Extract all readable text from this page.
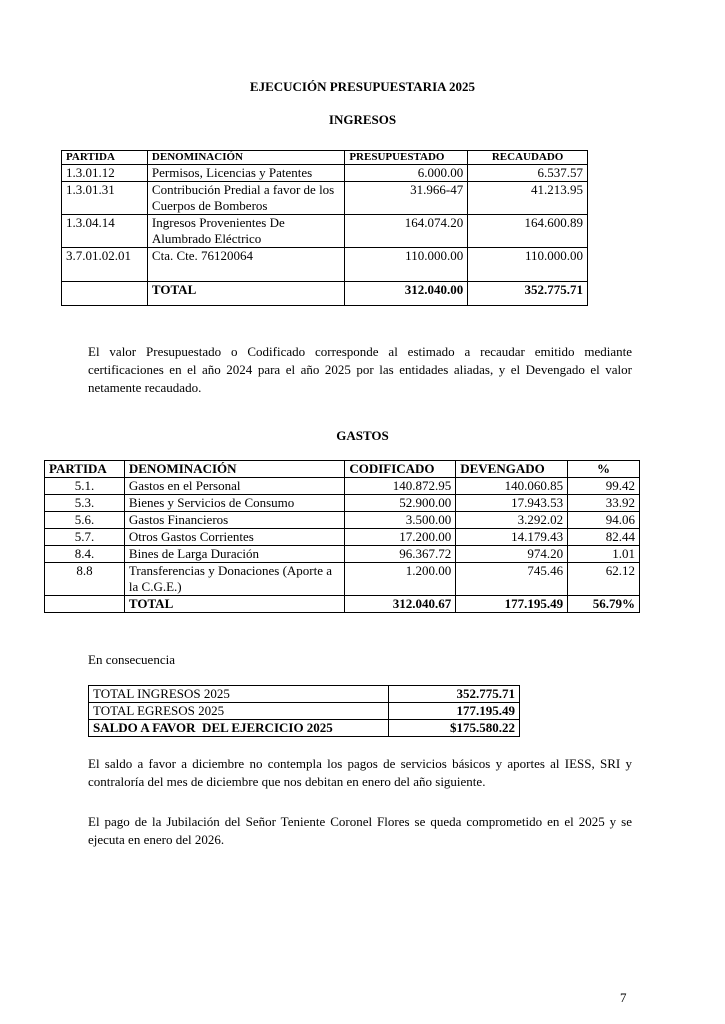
EJECUCIÓN PRESUPUESTARIA 2025
INGRESOS
PARTIDA	DENOMINACIÓN	PRESUPUESTADO	RECAUDADO
1.3.01.12	Permisos, Licencias y Patentes	6.000.00	6.537.57
1.3.01.31	Contribución Predial a favor de los Cuerpos de Bomberos	31.966-47	41.213.95
1.3.04.14	Ingresos Provenientes De Alumbrado Eléctrico	164.074.20	164.600.89
3.7.01.02.01	Cta. Cte. 76120064	110.000.00	110.000.00
	TOTAL	312.040.00	352.775.71
El valor Presupuestado o Codificado corresponde al estimado a recaudar emitido mediante certificaciones en el año 2024 para el año 2025 por las entidades aliadas, y el Devengado el valor netamente recaudado.
GASTOS
PARTIDA	DENOMINACIÓN	CODIFICADO	DEVENGADO	%
5.1.	Gastos en el Personal	140.872.95	140.060.85	99.42
5.3.	Bienes y Servicios de Consumo	52.900.00	17.943.53	33.92
5.6.	Gastos Financieros	3.500.00	3.292.02	94.06
5.7.	Otros Gastos Corrientes	17.200.00	14.179.43	82.44
8.4.	Bines de Larga Duración	96.367.72	974.20	1.01
8.8	Transferencias y Donaciones (Aporte a la C.G.E.)	1.200.00	745.46	62.12
	TOTAL	312.040.67	177.195.49	56.79%
En consecuencia
TOTAL INGRESOS 2025	352.775.71
TOTAL EGRESOS 2025	177.195.49
SALDO A FAVOR  DEL EJERCICIO 2025	$175.580.22
El saldo a favor a diciembre no contempla los pagos de servicios básicos y aportes al IESS, SRI y contraloría del mes de diciembre que nos debitan en enero del año siguiente.
El pago de la Jubilación del Señor Teniente Coronel Flores se queda comprometido en el 2025 y se ejecuta en enero del 2026.
7
